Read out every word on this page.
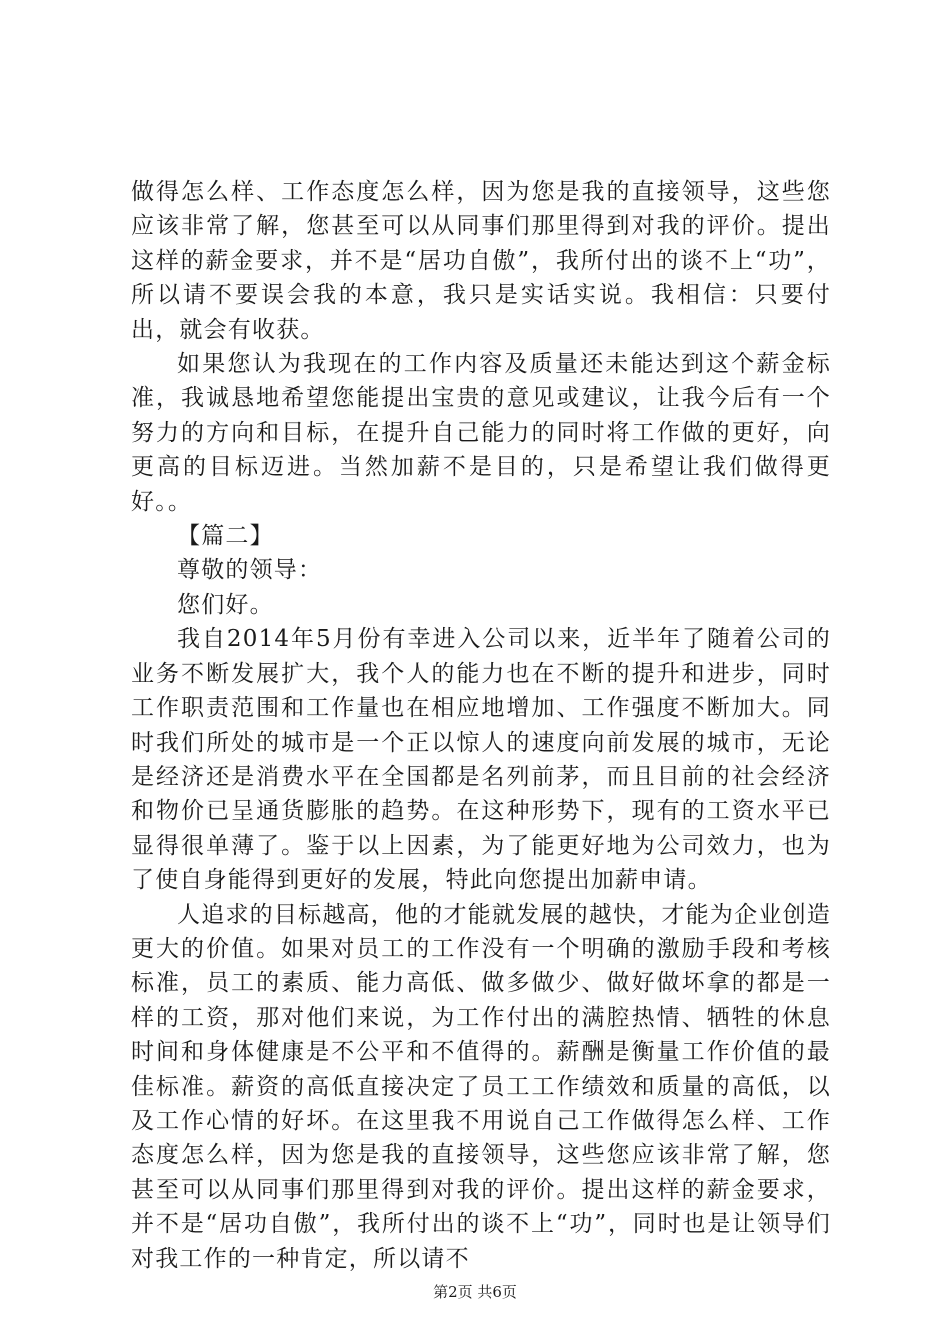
做得怎么样、工作态度怎么样，因为您是我的直接领导，这些您应该非常了解，您甚至可以从同事们那里得到对我的评价。提出这样的薪金要求，并不是“居功自傲”，我所付出的谈不上“功”，所以请不要误会我的本意，我只是实话实说。我相信：只要付出，就会有收获。

如果您认为我现在的工作内容及质量还未能达到这个薪金标准，我诚恳地希望您能提出宝贵的意见或建议，让我今后有一个努力的方向和目标，在提升自己能力的同时将工作做的更好，向更高的目标迈进。当然加薪不是目的，只是希望让我们做得更好。。

【篇二】

尊敬的领导：

您们好。

我自2014年5月份有幸进入公司以来，近半年了随着公司的业务不断发展扩大，我个人的能力也在不断的提升和进步，同时工作职责范围和工作量也在相应地增加、工作强度不断加大。同时我们所处的城市是一个正以惊人的速度向前发展的城市，无论是经济还是消费水平在全国都是名列前茅，而且目前的社会经济和物价已呈通货膨胀的趋势。在这种形势下，现有的工资水平已显得很单薄了。鉴于以上因素，为了能更好地为公司效力，也为了使自身能得到更好的发展，特此向您提出加薪申请。

人追求的目标越高，他的才能就发展的越快，才能为企业创造更大的价值。如果对员工的工作没有一个明确的激励手段和考核标准，员工的素质、能力高低、做多做少、做好做坏拿的都是一样的工资，那对他们来说，为工作付出的满腔热情、牺牲的休息时间和身体健康是不公平和不值得的。薪酬是衡量工作价值的最佳标准。薪资的高低直接决定了员工工作绩效和质量的高低，以及工作心情的好坏。在这里我不用说自己工作做得怎么样、工作态度怎么样，因为您是我的直接领导，这些您应该非常了解，您甚至可以从同事们那里得到对我的评价。提出这样的薪金要求，并不是“居功自傲”，我所付出的谈不上“功”，同时也是让领导们对我工作的一种肯定，所以请不

第2页 共6页
